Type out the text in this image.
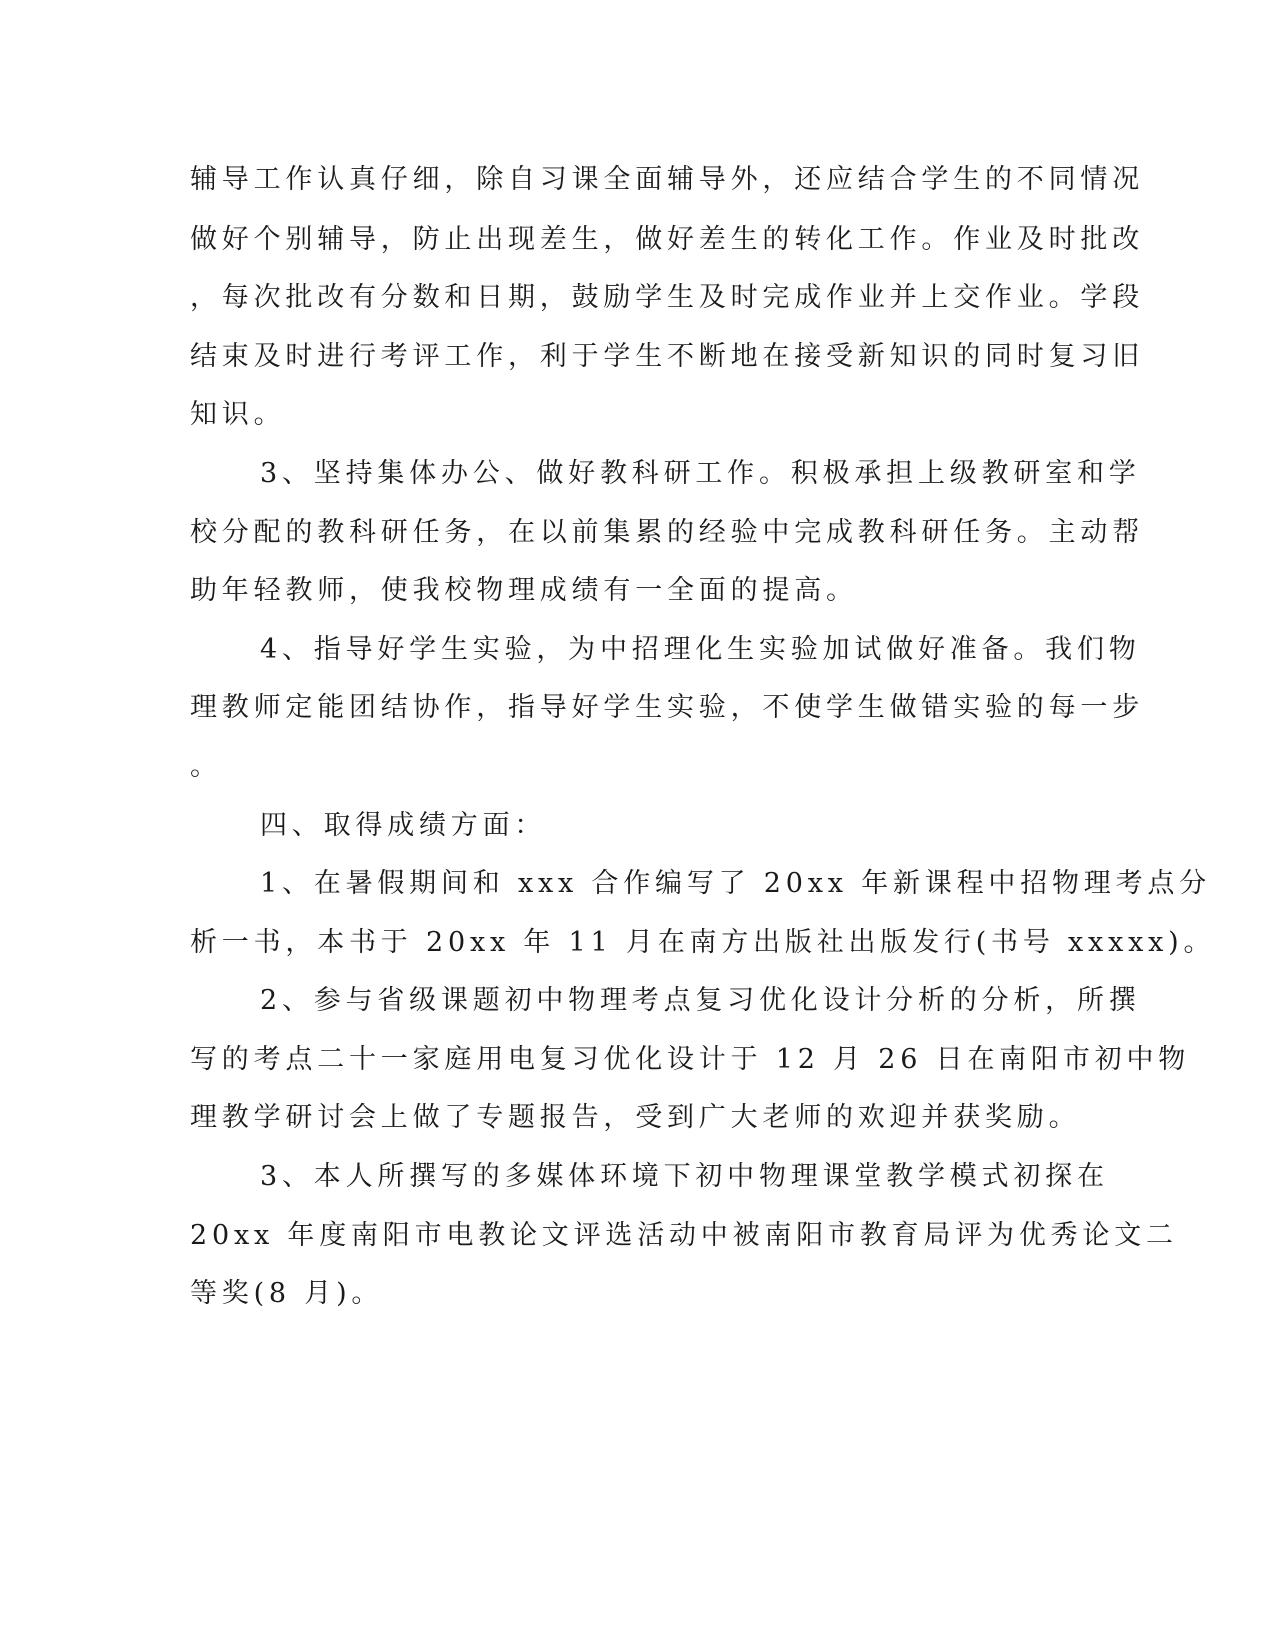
辅导工作认真仔细，除自习课全面辅导外，还应结合学生的不同情况
做好个别辅导，防止出现差生，做好差生的转化工作。作业及时批改
，每次批改有分数和日期，鼓励学生及时完成作业并上交作业。学段
结束及时进行考评工作，利于学生不断地在接受新知识的同时复习旧
知识。
3、坚持集体办公、做好教科研工作。积极承担上级教研室和学
校分配的教科研任务，在以前集累的经验中完成教科研任务。主动帮
助年轻教师，使我校物理成绩有一全面的提高。
4、指导好学生实验，为中招理化生实验加试做好准备。我们物
理教师定能团结协作，指导好学生实验，不使学生做错实验的每一步
。
四、取得成绩方面：
1、在暑假期间和 xxx 合作编写了 20xx 年新课程中招物理考点分
析一书，本书于 20xx 年 11 月在南方出版社出版发行(书号 xxxxx)。
2、参与省级课题初中物理考点复习优化设计分析的分析，所撰
写的考点二十一家庭用电复习优化设计于 12 月 26 日在南阳市初中物
理教学研讨会上做了专题报告，受到广大老师的欢迎并获奖励。
3、本人所撰写的多媒体环境下初中物理课堂教学模式初探在
20xx 年度南阳市电教论文评选活动中被南阳市教育局评为优秀论文二
等奖(8 月)。
